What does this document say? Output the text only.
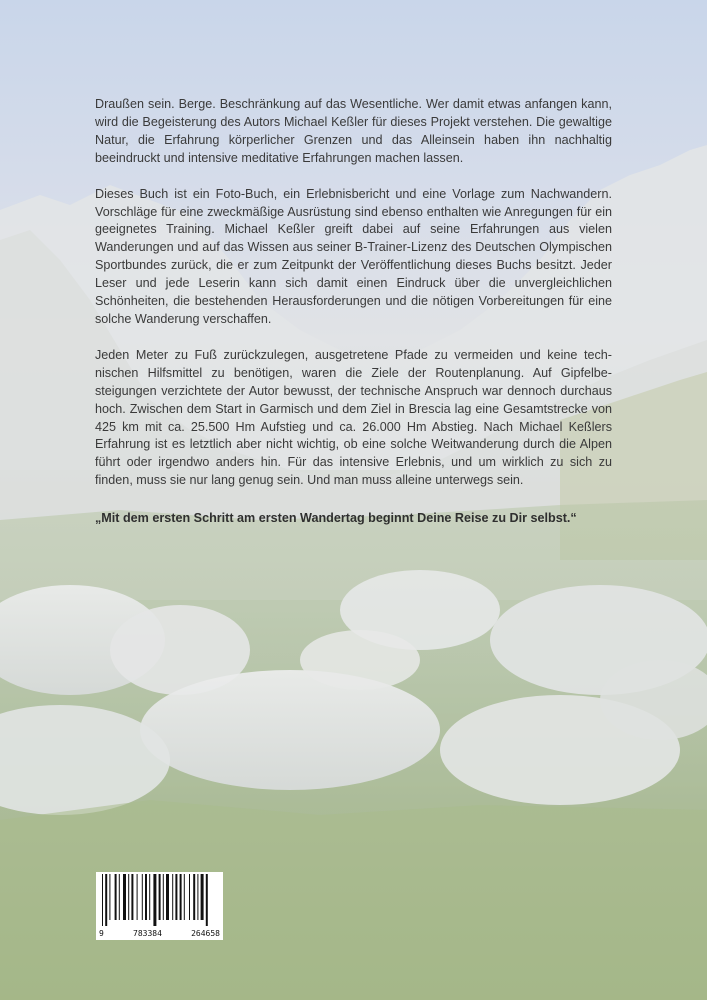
Draußen sein. Berge. Beschränkung auf das Wesentliche. Wer damit etwas anfangen kann, wird die Begeisterung des Autors Michael Keßler für dieses Projekt verstehen. Die gewaltige Natur, die Erfahrung körperlicher Grenzen und das Alleinsein haben ihn nachhaltig beeindruckt und intensive meditative Erfahrungen machen lassen.

Dieses Buch ist ein Foto-Buch, ein Erlebnisbericht und eine Vorlage zum Nachwandern. Vorschläge für eine zweckmäßige Ausrüstung sind ebenso enthalten wie Anregungen für ein geeignetes Training. Michael Keßler greift dabei auf seine Erfahrungen aus vielen Wanderungen und auf das Wissen aus seiner B-Trainer-Lizenz des Deutschen Olympischen Sportbundes zurück, die er zum Zeitpunkt der Veröffentlichung dieses Buchs besitzt. Jeder Leser und jede Leserin kann sich damit einen Eindruck über die unvergleichlichen Schönheiten, die bestehenden Herausforderungen und die nötigen Vorbereitungen für eine solche Wanderung verschaffen.

Jeden Meter zu Fuß zurückzulegen, ausgetretene Pfade zu vermeiden und keine technischen Hilfsmittel zu benötigen, waren die Ziele der Routenplanung. Auf Gipfelbesteigungen verzichtete der Autor bewusst, der technische Anspruch war dennoch durchaus hoch. Zwischen dem Start in Garmisch und dem Ziel in Brescia lag eine Gesamtstrecke von 425 km mit ca. 25.500 Hm Aufstieg und ca. 26.000 Hm Abstieg. Nach Michael Keßlers Erfahrung ist es letztlich aber nicht wichtig, ob eine solche Weitwanderung durch die Alpen führt oder irgendwo anders hin. Für das intensive Erlebnis, und um wirklich zu sich zu finden, muss sie nur lang genug sein. Und man muss alleine unterwegs sein.

„Mit dem ersten Schritt am ersten Wandertag beginnt Deine Reise zu Dir selbst.“

9	783384	264658
